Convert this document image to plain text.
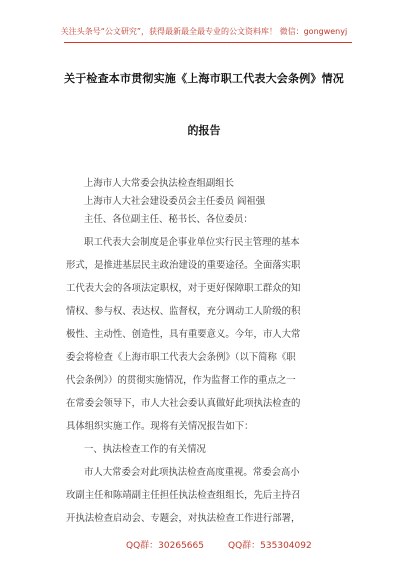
关注头条号“公文研究”，获得最新最全最专业的公文资料库！ 微信：gongwenyj
关于检查本市贯彻实施《上海市职工代表大会条例》情况
的报告
上海市人大常委会执法检查组副组长
上海市人大社会建设委员会主任委员 阎祖强
主任、各位副主任、秘书长、各位委员：
职工代表大会制度是企事业单位实行民主管理的基本
形式，是推进基层民主政治建设的重要途径。全面落实职
工代表大会的各项法定职权，对于更好保障职工群众的知
情权、参与权、表达权、监督权，充分调动工人阶级的积
极性、主动性、创造性，具有重要意义。今年，市人大常
委会将检查《上海市职工代表大会条例》（以下简称《职
代会条例》）的贯彻实施情况，作为监督工作的重点之一
在常委会领导下，市人大社会委认真做好此项执法检查的
具体组织实施工作。现将有关情况报告如下：
一、执法检查工作的有关情况
市人大常委会对此项执法检查高度重视。常委会高小
玫副主任和陈靖副主任担任执法检查组组长，先后主持召
开执法检查启动会、专题会，对执法检查工作进行部署，
QQ群：30265665	QQ群：535304092
